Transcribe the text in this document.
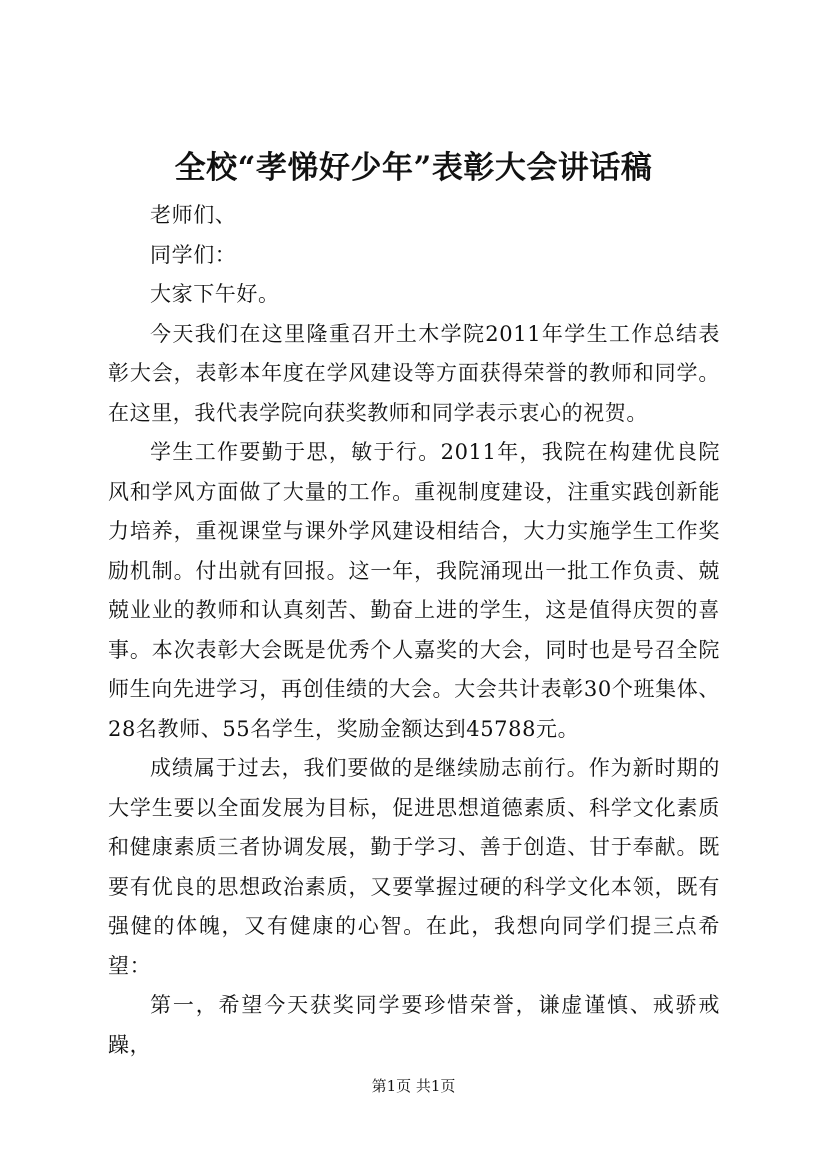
全校“孝悌好少年”表彰大会讲话稿

老师们、

同学们：

大家下午好。

今天我们在这里隆重召开土木学院2011年学生工作总结表彰大会，表彰本年度在学风建设等方面获得荣誉的教师和同学。在这里，我代表学院向获奖教师和同学表示衷心的祝贺。

学生工作要勤于思，敏于行。2011年，我院在构建优良院风和学风方面做了大量的工作。重视制度建设，注重实践创新能力培养，重视课堂与课外学风建设相结合，大力实施学生工作奖励机制。付出就有回报。这一年，我院涌现出一批工作负责、兢兢业业的教师和认真刻苦、勤奋上进的学生，这是值得庆贺的喜事。本次表彰大会既是优秀个人嘉奖的大会，同时也是号召全院师生向先进学习，再创佳绩的大会。大会共计表彰30个班集体、28名教师、55名学生，奖励金额达到45788元。

成绩属于过去，我们要做的是继续励志前行。作为新时期的大学生要以全面发展为目标，促进思想道德素质、科学文化素质和健康素质三者协调发展，勤于学习、善于创造、甘于奉献。既要有优良的思想政治素质，又要掌握过硬的科学文化本领，既有强健的体魄，又有健康的心智。在此，我想向同学们提三点希望：

第一，希望今天获奖同学要珍惜荣誉，谦虚谨慎、戒骄戒躁，

第1页 共1页
